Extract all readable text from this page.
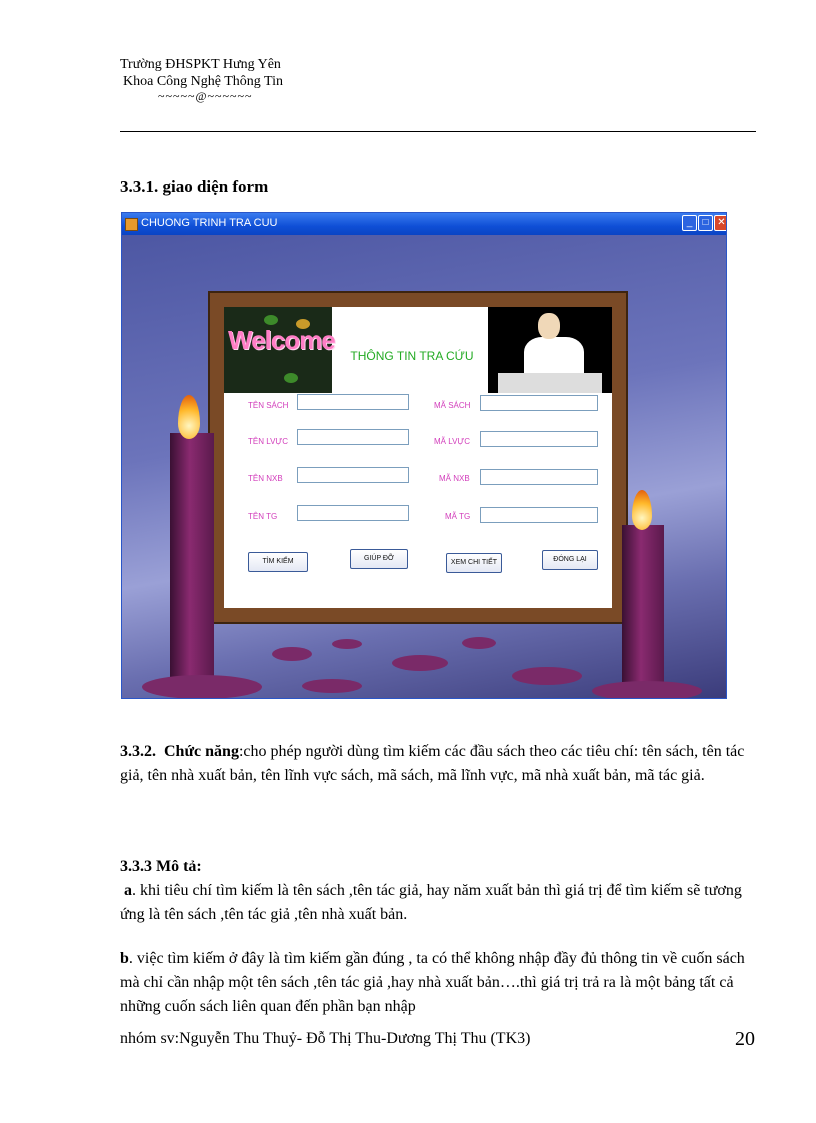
Trường ĐHSPKT Hưng Yên
Khoa Công Nghệ Thông Tin
~~~~~@~~~~~~
3.3.1. giao diện form
CHUONG TRINH TRA CUU	_	□ ✕
Welcome
THÔNG TIN TRA CỨU
TÊN SÁCH	MÃ SÁCH
TÊN LVỰC	MÃ LVỰC
TÊN NXB	MÃ NXB
TÊN TG	MÃ TG
TÌM KIẾM	GIÚP ĐỠ
XEM CHI TIẾT	ĐÓNG LẠI
3.3.2. Chức năng:cho phép người dùng tìm kiếm các đầu sách theo các tiêu chí: tên sách, tên tác giả, tên nhà xuất bản, tên lĩnh vực sách, mã sách, mã lĩnh vực, mã nhà xuất bản, mã tác giả.
3.3.3 Mô tả:
a. khi tiêu chí tìm kiếm là tên sách ,tên tác giả, hay năm xuất bản thì giá trị để tìm kiếm sẽ tương ứng là tên sách ,tên tác giả ,tên nhà xuất bản.
b. việc tìm kiếm ở đây là tìm kiếm gần đúng , ta có thể không nhập đầy đủ thông tin về cuốn sách mà chỉ cần nhập một tên sách ,tên tác giả ,hay nhà xuất bản….thì giá trị trả ra là một bảng tất cả những cuốn sách liên quan đến phần bạn nhập
nhóm sv:Nguyễn Thu Thuỷ- Đỗ Thị Thu-Dương Thị Thu (TK3)	20
